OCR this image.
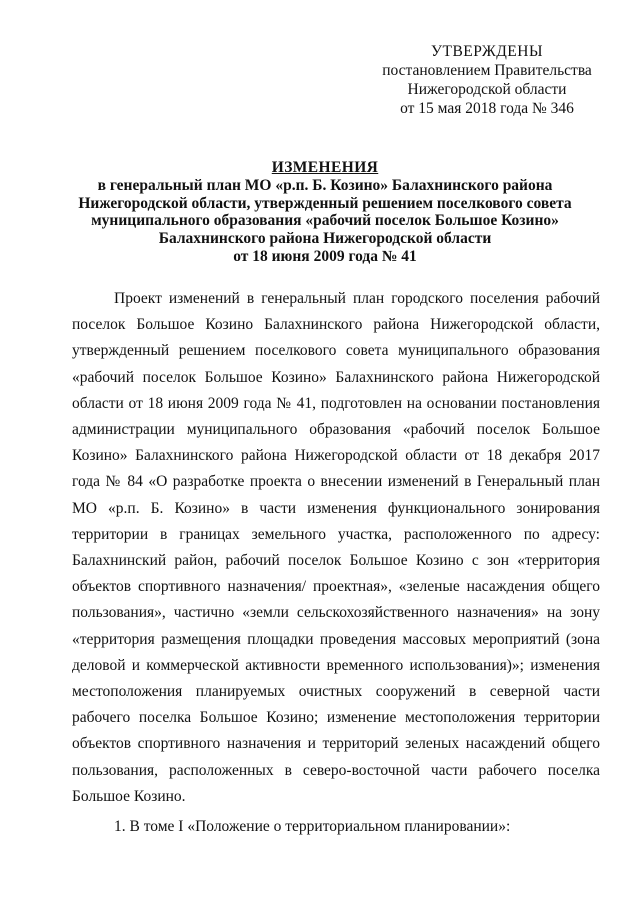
УТВЕРЖДЕНЫ
постановлением Правительства
Нижегородской области
от 15 мая 2018 года № 346
ИЗМЕНЕНИЯ
в генеральный план МО «р.п. Б. Козино» Балахнинского района
Нижегородской области, утвержденный решением поселкового совета
муниципального образования «рабочий поселок Большое Козино»
Балахнинского района Нижегородской области
от 18 июня 2009 года № 41

Проект изменений в генеральный план городского поселения рабочий поселок Большое Козино Балахнинского района Нижегородской области, утвержденный решением поселкового совета муниципального образования «рабочий поселок Большое Козино» Балахнинского района Нижегородской области от 18 июня 2009 года № 41, подготовлен на основании постановления администрации муниципального образования «рабочий поселок Большое Козино» Балахнинского района Нижегородской области от 18 декабря 2017 года № 84 «О разработке проекта о внесении изменений в Генеральный план МО «р.п. Б. Козино» в части изменения функционального зонирования территории в границах земельного участка, расположенного по адресу: Балахнинский район, рабочий поселок Большое Козино с зон «территория объектов спортивного назначения/ проектная», «зеленые насаждения общего пользования», частично «земли сельскохозяйственного назначения» на зону «территория размещения площадки проведения массовых мероприятий (зона деловой и коммерческой активности временного использования)»; изменения местоположения планируемых очистных сооружений в северной части рабочего поселка Большое Козино; изменение местоположения территории объектов спортивного назначения и территорий зеленых насаждений общего пользования, расположенных в северо-восточной части рабочего поселка Большое Козино.

1. В томе I «Положение о территориальном планировании»:
